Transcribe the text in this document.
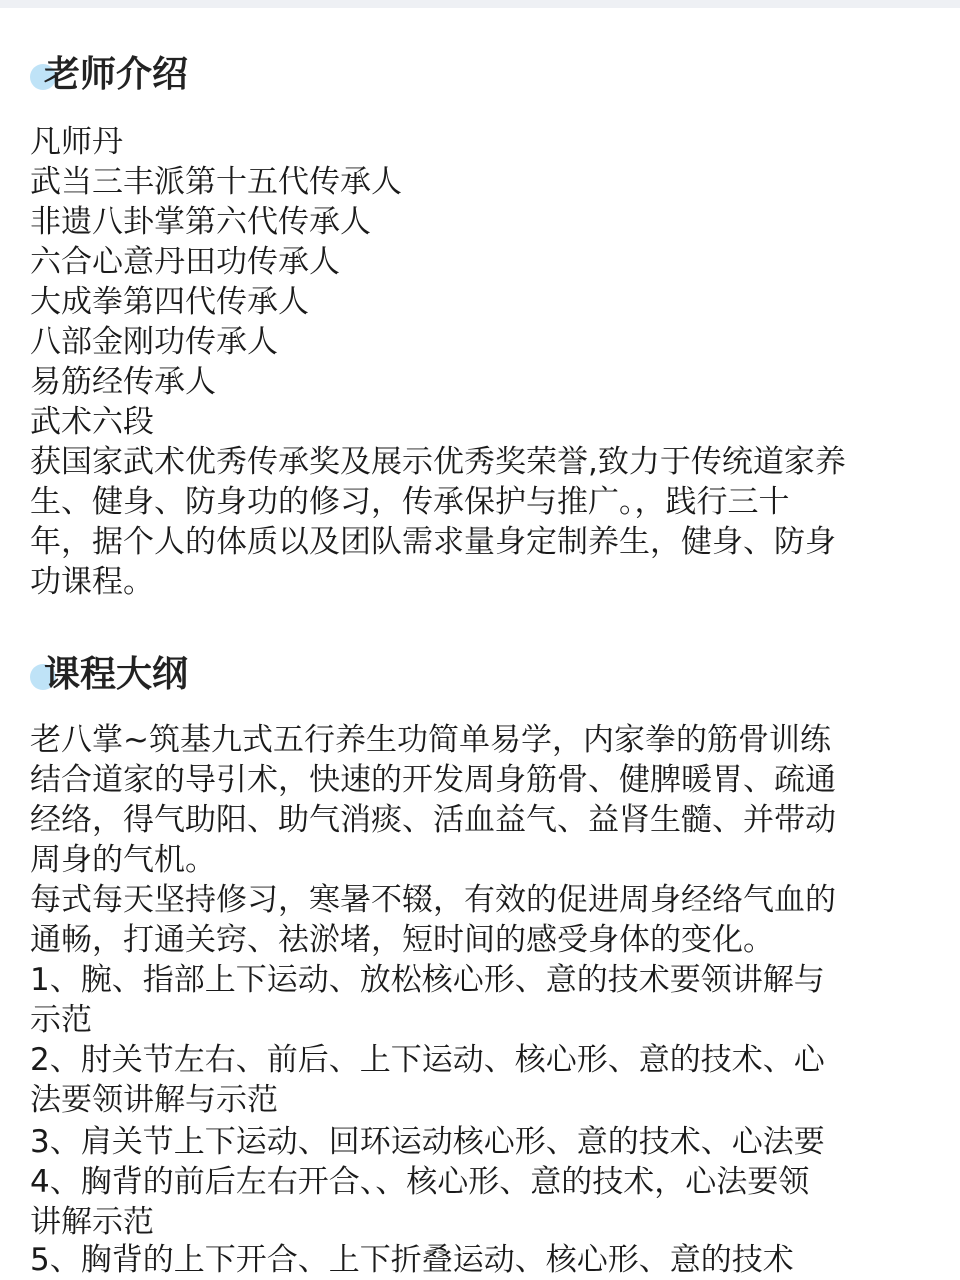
老师介绍
凡师丹
武当三丰派第十五代传承人
非遗八卦掌第六代传承人
六合心意丹田功传承人
大成拳第四代传承人
八部金刚功传承人
易筋经传承人
武术六段
获国家武术优秀传承奖及展示优秀奖荣誉,致力于传统道家养
生、健身、防身功的修习，传承保护与推广。，践行三十
年，据个人的体质以及团队需求量身定制养生，健身、防身
功课程。
课程大纲
老八掌~筑基九式五行养生功简单易学，内家拳的筋骨训练
结合道家的导引术，快速的开发周身筋骨、健脾暖胃、疏通
经络，得气助阳、助气消痰、活血益气、益肾生髓、并带动
周身的气机。
每式每天坚持修习，寒暑不辍，有效的促进周身经络气血的
通畅，打通关窍、祛淤堵，短时间的感受身体的变化。
1、腕、指部上下运动、放松核心形、意的技术要领讲解与
示范
2、肘关节左右、前后、上下运动、核心形、意的技术、心
法要领讲解与示范
3、肩关节上下运动、回环运动核心形、意的技术、心法要
4、胸背的前后左右开合、、核心形、意的技术，心法要领
讲解示范
5、胸背的上下开合、上下折叠运动、核心形、意的技术
